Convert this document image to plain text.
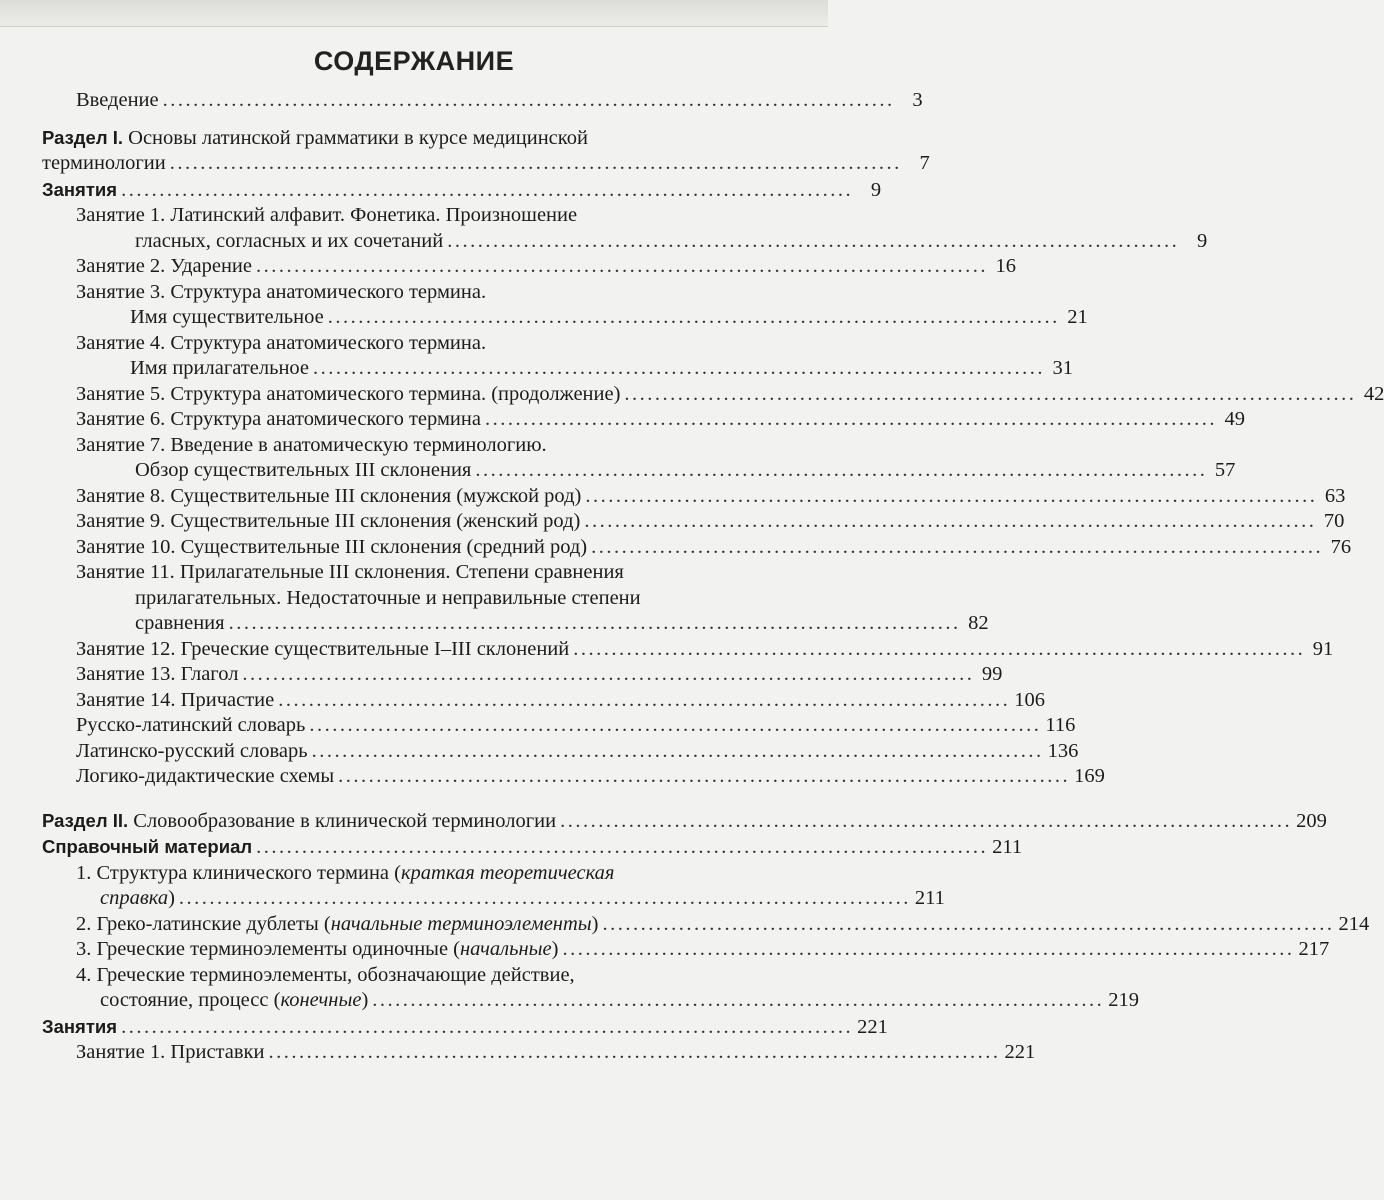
СОДЕРЖАНИЕ
Введение ................................................................................................ 3
Раздел I. Основы латинской грамматики в курсе медицинской
терминологии ................................................................................................ 7
Занятия ................................................................................................ 9
Занятие 1. Латинский алфавит. Фонетика. Произношение
гласных, согласных и их сочетаний ................................................................................................ 9
Занятие 2. Ударение ................................................................................................ 16
Занятие 3. Структура анатомического термина.
Имя существительное ................................................................................................ 21
Занятие 4. Структура анатомического термина.
Имя прилагательное ................................................................................................ 31
Занятие 5. Структура анатомического термина. (продолжение) ................................................................................................ 42
Занятие 6. Структура анатомического термина ................................................................................................ 49
Занятие 7. Введение в анатомическую терминологию.
Обзор существительных III склонения ................................................................................................ 57
Занятие 8. Существительные III склонения (мужской род) ................................................................................................ 63
Занятие 9. Существительные III склонения (женский род) ................................................................................................ 70
Занятие 10. Существительные III склонения (средний род) ................................................................................................ 76
Занятие 11. Прилагательные III склонения. Степени сравнения
прилагательных. Недостаточные и неправильные степени
сравнения ................................................................................................ 82
Занятие 12. Греческие существительные I–III склонений ................................................................................................ 91
Занятие 13. Глагол ................................................................................................ 99
Занятие 14. Причастие ................................................................................................ 106
Русско-латинский словарь ................................................................................................ 116
Латинско-русский словарь ................................................................................................ 136
Логико-дидактические схемы ................................................................................................ 169
Раздел II. Словообразование в клинической терминологии ................................................................................................ 209
Справочный материал ................................................................................................ 211
1. Структура клинического термина (краткая теоретическая
справка) ................................................................................................ 211
2. Греко-латинские дублеты (начальные терминоэлементы) ................................................................................................ 214
3. Греческие терминоэлементы одиночные (начальные) ................................................................................................ 217
4. Греческие терминоэлементы, обозначающие действие,
состояние, процесс (конечные) ................................................................................................ 219
Занятия ................................................................................................ 221
Занятие 1. Приставки ................................................................................................ 221
